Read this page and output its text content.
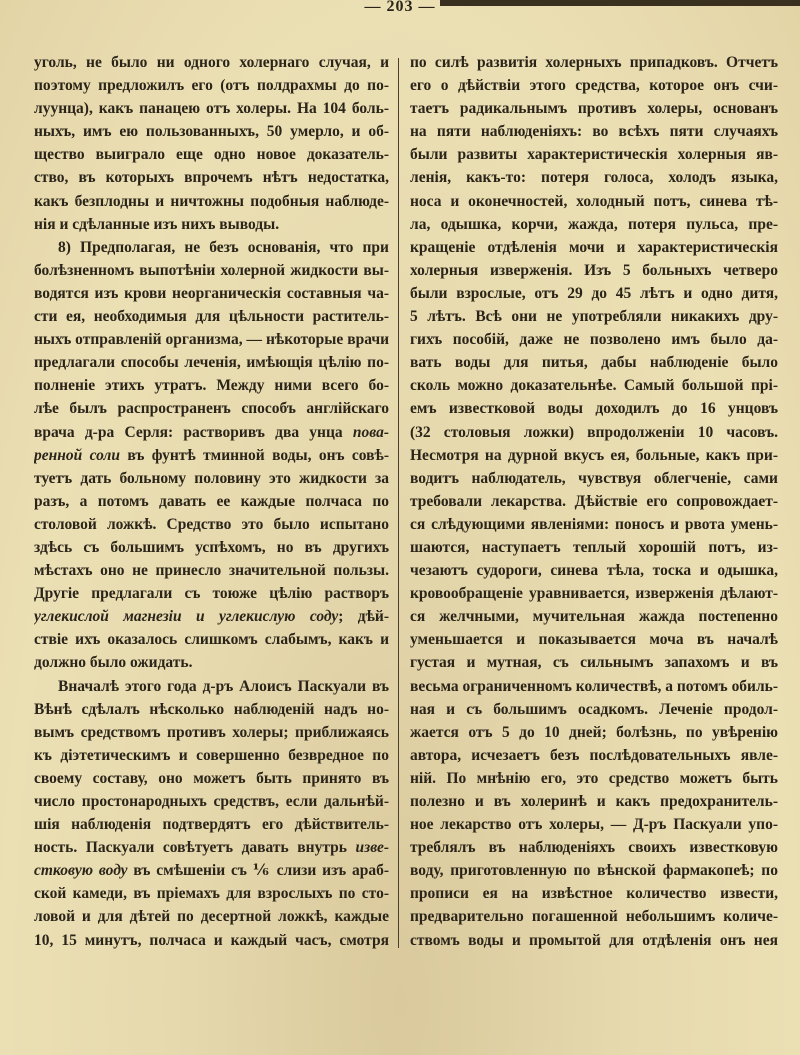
— 203 —
уголь, не было ни одного холернаго случая, и
поэтому предложилъ его (отъ полдрахмы до по-
луунца), какъ панацею отъ холеры. На 104 боль-
ныхъ, имъ ею пользованныхъ, 50 умерло, и об-
щество выиграло еще одно новое доказатель-
ство, въ которыхъ впрочемъ нѣтъ недостатка,
какъ безплодны и ничтожны подобныя наблюде-
нія и сдѣланные изъ нихъ выводы.
8) Предполагая, не безъ основанія, что при
болѣзненномъ выпотѣніи холерной жидкости вы-
водятся изъ крови неорганическія составныя ча-
сти ея, необходимыя для цѣльности раститель-
ныхъ отправленій организма, — нѣкоторые врачи
предлагали способы леченія, имѣющія цѣлію по-
полненіе этихъ утратъ. Между ними всего бо-
лѣе былъ распространенъ способъ англійскаго
врача д-ра Серля: растворивъ два унца пова-
ренной соли въ фунтѣ тминной воды, онъ совѣ-
туетъ дать больному половину это жидкости за
разъ, а потомъ давать ее каждые полчаса по
столовой ложкѣ. Средство это было испытано
здѣсь съ большимъ успѣхомъ, но въ другихъ
мѣстахъ оно не принесло значительной пользы.
Другіе предлагали съ тоюже цѣлію растворъ
углекислой магнезіи и углекислую соду; дѣй-
ствіе ихъ оказалось слишкомъ слабымъ, какъ и
должно было ожидать.
Вначалѣ этого года д-ръ Алоисъ Паскуали въ
Вѣнѣ сдѣлалъ нѣсколько наблюденій надъ но-
вымъ средствомъ противъ холеры; приближаясь
къ діэтетическимъ и совершенно безвредное по
своему составу, оно можетъ быть принято въ
число простонародныхъ средствъ, если дальнѣй-
шія наблюденія подтвердятъ его дѣйствитель-
ность. Паскуали совѣтуетъ давать внутрь изве-
стковую воду въ смѣшеніи съ ⅙ слизи изъ араб-
ской камеди, въ пріемахъ для взрослыхъ по сто-
ловой и для дѣтей по десертной ложкѣ, каждые
10, 15 минутъ, полчаса и каждый часъ, смотря
по силѣ развитія холерныхъ припадковъ. Отчетъ
его о дѣйствіи этого средства, которое онъ счи-
таетъ радикальнымъ противъ холеры, основанъ
на пяти наблюденіяхъ: во всѣхъ пяти случаяхъ
были развиты характеристическія холерныя яв-
ленія, какъ-то: потеря голоса, холодъ языка,
носа и оконечностей, холодный потъ, синева тѣ-
ла, одышка, корчи, жажда, потеря пульса, пре-
кращеніе отдѣленія мочи и характеристическія
холерныя изверженія. Изъ 5 больныхъ четверо
были взрослые, отъ 29 до 45 лѣтъ и одно дитя,
5 лѣтъ. Всѣ они не употребляли никакихъ дру-
гихъ пособій, даже не позволено имъ было да-
вать воды для питья, дабы наблюденіе было
сколь можно доказательнѣе. Самый большой прі-
емъ известковой воды доходилъ до 16 унцовъ
(32 столовыя ложки) впродолженіи 10 часовъ.
Несмотря на дурной вкусъ ея, больные, какъ при-
водитъ наблюдатель, чувствуя облегченіе, сами
требовали лекарства. Дѣйствіе его сопровождает-
ся слѣдующими явленіями: поносъ и рвота умень-
шаются, наступаетъ теплый хорошій потъ, из-
чезаютъ судороги, синева тѣла, тоска и одышка,
кровообращеніе уравнивается, изверженія дѣлают-
ся желчными, мучительная жажда постепенно
уменьшается и показывается моча въ началѣ
густая и мутная, съ сильнымъ запахомъ и въ
весьма ограниченномъ количествѣ, а потомъ обиль-
ная и съ большимъ осадкомъ. Леченіе продол-
жается отъ 5 до 10 дней; болѣзнь, по увѣренію
автора, исчезаетъ безъ послѣдовательныхъ явле-
ній. По мнѣнію его, это средство можетъ быть
полезно и въ холеринѣ и какъ предохранитель-
ное лекарство отъ холеры, — Д-ръ Паскуали упо-
треблялъ въ наблюденіяхъ своихъ известковую
воду, приготовленную по вѣнской фармакопеѣ; по
прописи ея на извѣстное количество извести,
предварительно погашенной небольшимъ количе-
ствомъ воды и промытой для отдѣленія онъ нея
